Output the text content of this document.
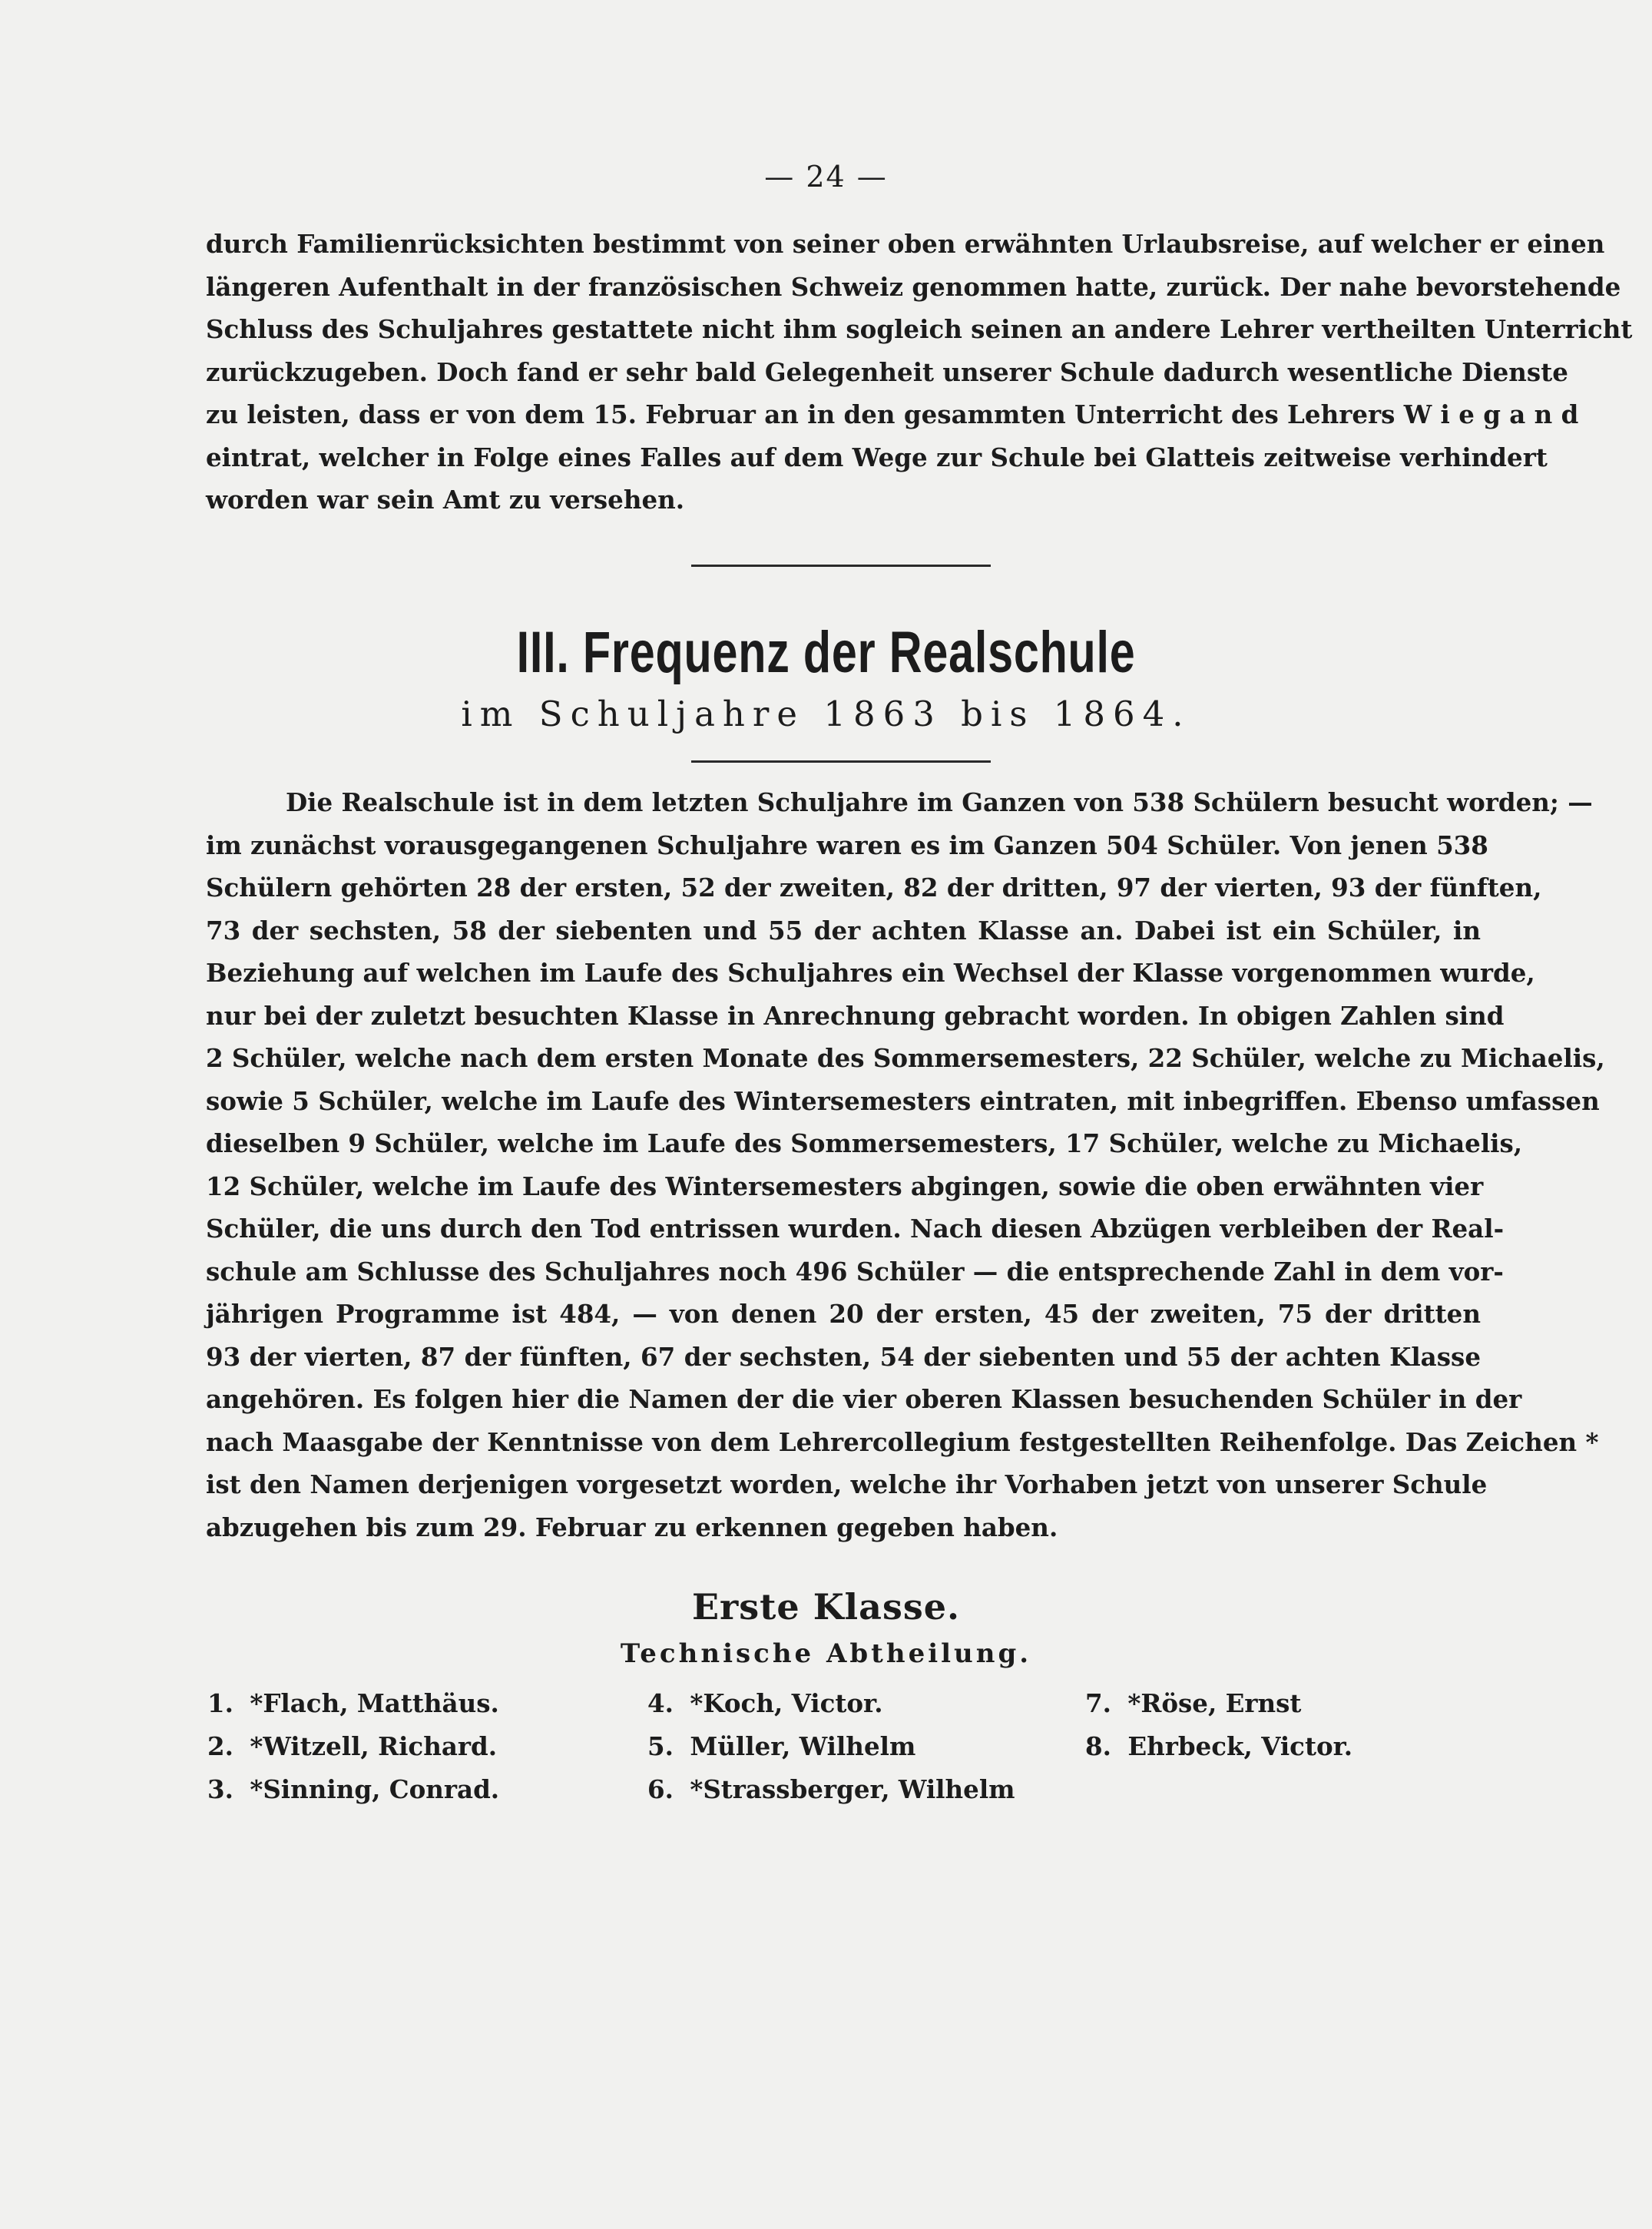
— 24 —
durch Familienrücksichten bestimmt von seiner oben erwähnten Urlaubsreise, auf welcher er einen
längeren Aufenthalt in der französischen Schweiz genommen hatte, zurück. Der nahe bevorstehende
Schluss des Schuljahres gestattete nicht ihm sogleich seinen an andere Lehrer vertheilten Unterricht
zurückzugeben. Doch fand er sehr bald Gelegenheit unserer Schule dadurch wesentliche Dienste
zu leisten, dass er von dem 15. Februar an in den gesammten Unterricht des Lehrers W i e g a n d
eintrat, welcher in Folge eines Falles auf dem Wege zur Schule bei Glatteis zeitweise verhindert
worden war sein Amt zu versehen.
III. Frequenz der Realschule
im Schuljahre 1863 bis 1864.
Die Realschule ist in dem letzten Schuljahre im Ganzen von 538 Schülern besucht worden; —
im zunächst vorausgegangenen Schuljahre waren es im Ganzen 504 Schüler. Von jenen 538
Schülern gehörten 28 der ersten, 52 der zweiten, 82 der dritten, 97 der vierten, 93 der fünften,
73 der sechsten, 58 der siebenten und 55 der achten Klasse an. Dabei ist ein Schüler, in
Beziehung auf welchen im Laufe des Schuljahres ein Wechsel der Klasse vorgenommen wurde,
nur bei der zuletzt besuchten Klasse in Anrechnung gebracht worden. In obigen Zahlen sind
2 Schüler, welche nach dem ersten Monate des Sommersemesters, 22 Schüler, welche zu Michaelis,
sowie 5 Schüler, welche im Laufe des Wintersemesters eintraten, mit inbegriffen. Ebenso umfassen
dieselben 9 Schüler, welche im Laufe des Sommersemesters, 17 Schüler, welche zu Michaelis,
12 Schüler, welche im Laufe des Wintersemesters abgingen, sowie die oben erwähnten vier
Schüler, die uns durch den Tod entrissen wurden. Nach diesen Abzügen verbleiben der Real-
schule am Schlusse des Schuljahres noch 496 Schüler — die entsprechende Zahl in dem vor-
jährigen Programme ist 484, — von denen 20 der ersten, 45 der zweiten, 75 der dritten
93 der vierten, 87 der fünften, 67 der sechsten, 54 der siebenten und 55 der achten Klasse
angehören. Es folgen hier die Namen der die vier oberen Klassen besuchenden Schüler in der
nach Maasgabe der Kenntnisse von dem Lehrercollegium festgestellten Reihenfolge. Das Zeichen *
ist den Namen derjenigen vorgesetzt worden, welche ihr Vorhaben jetzt von unserer Schule
abzugehen bis zum 29. Februar zu erkennen gegeben haben.
Erste Klasse.
Technische Abtheilung.
1. *Flach, Matthäus.
2. *Witzell, Richard.
3. *Sinning, Conrad.
4. *Koch, Victor.
5. Müller, Wilhelm
6. *Strassberger, Wilhelm
7. *Röse, Ernst
8. Ehrbeck, Victor.
